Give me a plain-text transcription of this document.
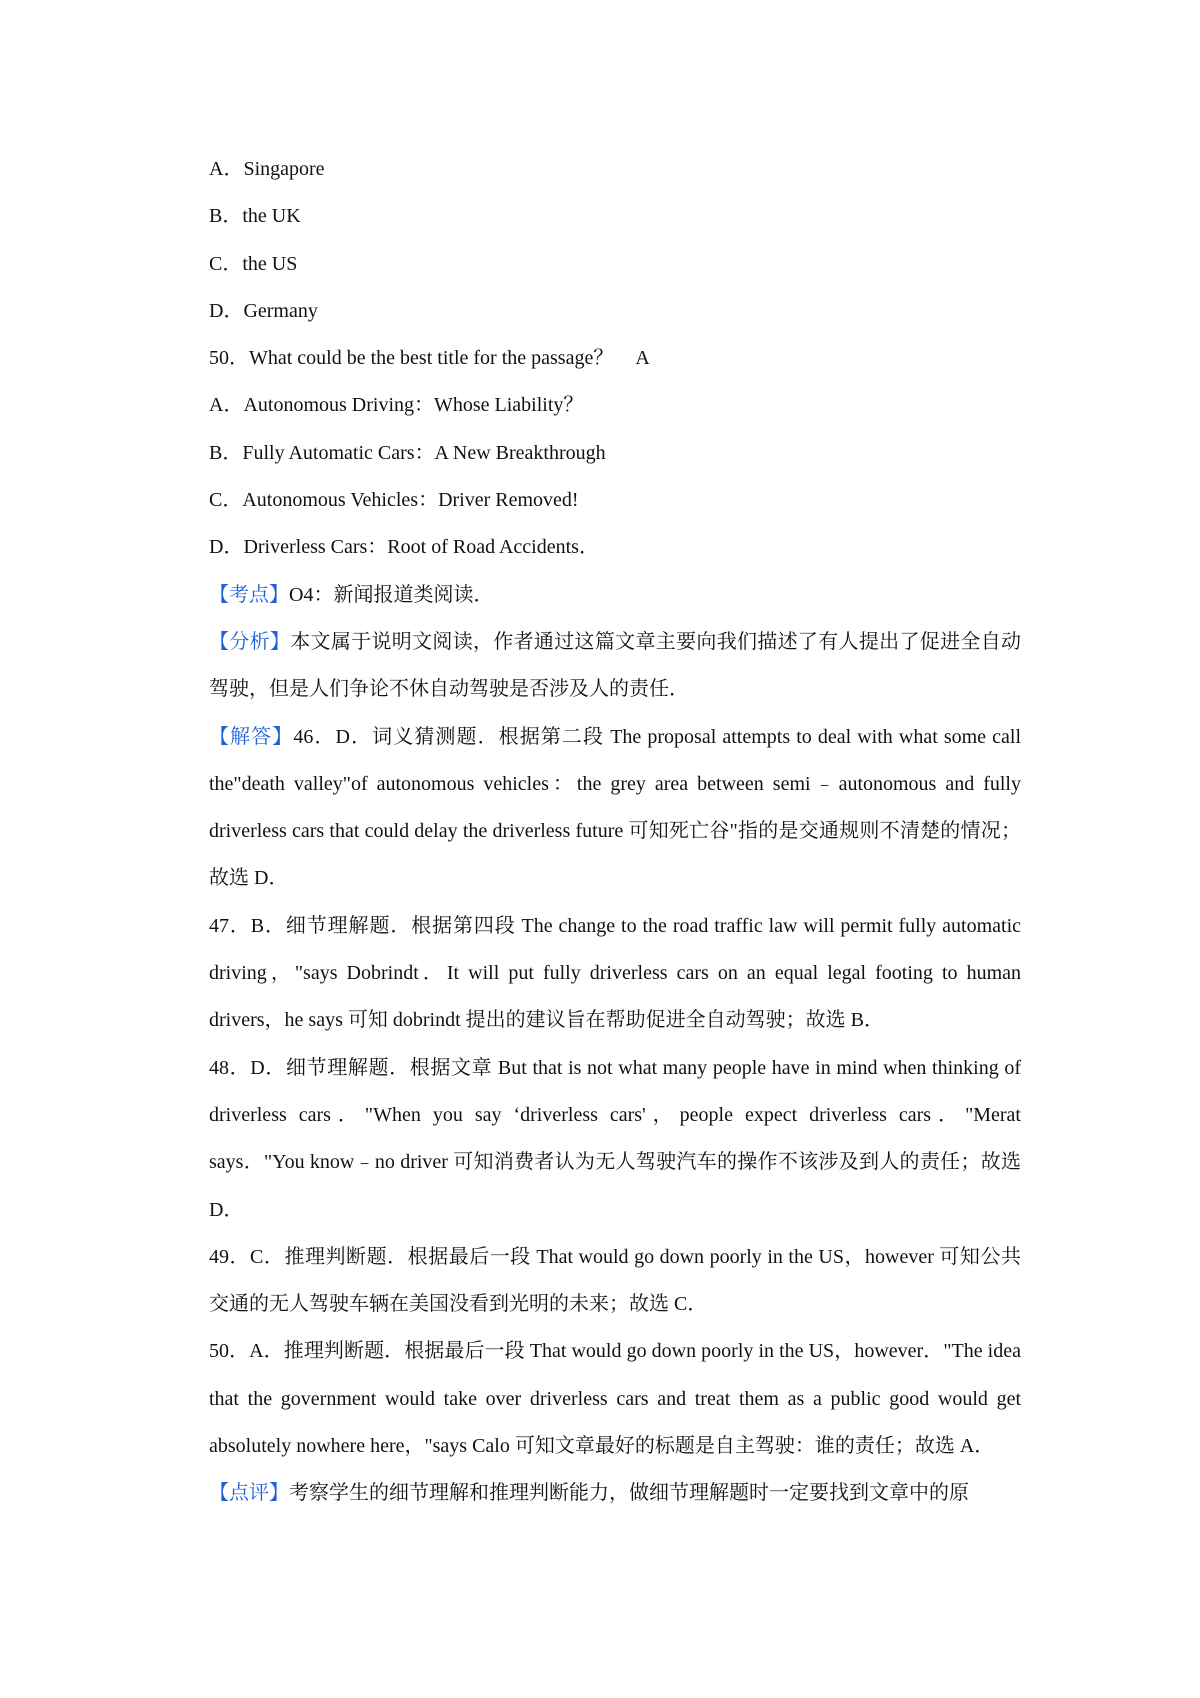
A．Singapore

B．the UK

C．the US

D．Germany

50．What could be the best title for the passage？ A

A．Autonomous Driving：Whose Liability？

B．Fully Automatic Cars：A New Breakthrough

C．Autonomous Vehicles：Driver Removed!

D．Driverless Cars：Root of Road Accidents．

【考点】O4：新闻报道类阅读．

【分析】本文属于说明文阅读，作者通过这篇文章主要向我们描述了有人提出了促进全自动驾驶，但是人们争论不休自动驾驶是否涉及人的责任．

【解答】46．D．词义猜测题．根据第二段 The proposal attempts to deal with what some call the"death valley"of autonomous vehicles：the grey area between semi﹣autonomous and fully driverless cars that could delay the driverless future 可知死亡谷"指的是交通规则不清楚的情况；故选 D．

47．B．细节理解题．根据第四段 The change to the road traffic law will permit fully automatic driving，"says Dobrindt．It will put fully driverless cars on an equal legal footing to human drivers，he says 可知 dobrindt 提出的建议旨在帮助促进全自动驾驶；故选 B．

48．D．细节理解题．根据文章 But that is not what many people have in mind when thinking of driverless cars．"When you say ‘driverless cars'，people expect driverless cars．"Merat says．"You know﹣no driver 可知消费者认为无人驾驶汽车的操作不该涉及到人的责任；故选 D．

49．C．推理判断题．根据最后一段 That would go down poorly in the US，however 可知公共交通的无人驾驶车辆在美国没看到光明的未来；故选 C．

50．A．推理判断题．根据最后一段 That would go down poorly in the US，however．"The idea that the government would take over driverless cars and treat them as a public good would get absolutely nowhere here，"says Calo 可知文章最好的标题是自主驾驶：谁的责任；故选 A．

【点评】考察学生的细节理解和推理判断能力，做细节理解题时一定要找到文章中的原
